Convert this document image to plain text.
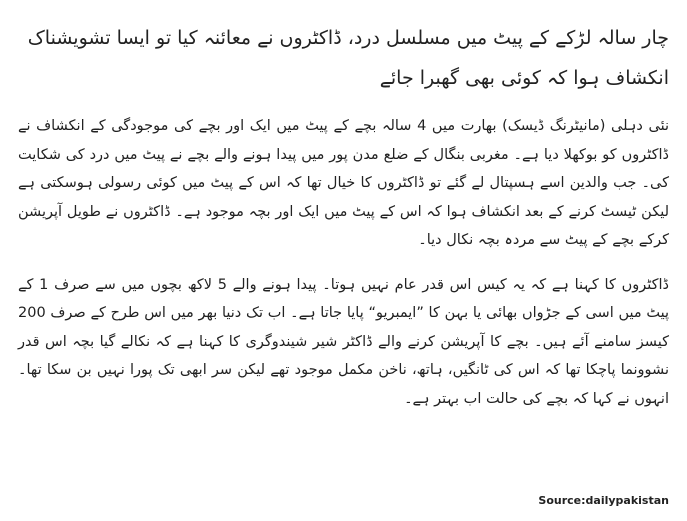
چار سالہ لڑکے کے پیٹ میں مسلسل درد، ڈاکٹروں نے معائنہ کیا تو ایسا تشویشناک انکشاف ہوا کہ کوئی بھی گھبرا جائے

نئی دہلی (مانیٹرنگ ڈیسک) بھارت میں 4 سالہ بچے کے پیٹ میں ایک اور بچے کی موجودگی کے انکشاف نے ڈاکٹروں کو بوکھلا دیا ہے۔ مغربی بنگال کے ضلع مدن پور میں پیدا ہونے والے بچے نے پیٹ میں درد کی شکایت کی۔ جب والدین اسے ہسپتال لے گئے تو ڈاکٹروں کا خیال تھا کہ اس کے پیٹ میں کوئی رسولی ہوسکتی ہے لیکن ٹیسٹ کرنے کے بعد انکشاف ہوا کہ اس کے پیٹ میں ایک اور بچہ موجود ہے۔ ڈاکٹروں نے طویل آپریشن کرکے بچے کے پیٹ سے مردہ بچہ نکال دیا۔

ڈاکٹروں کا کہنا ہے کہ یہ کیس اس قدر عام نہیں ہوتا۔ پیدا ہونے والے 5 لاکھ بچوں میں سے صرف 1 کے پیٹ میں اسی کے جڑواں بھائی یا بہن کا ”ایمبریو“ پایا جاتا ہے۔ اب تک دنیا بھر میں اس طرح کے صرف 200 کیسز سامنے آئے ہیں۔ بچے کا آپریشن کرنے والے ڈاکٹر شیر شیندوگری کا کہنا ہے کہ نکالے گیا بچہ اس قدر نشوونما پاچکا تھا کہ اس کی ٹانگیں، ہاتھ، ناخن مکمل موجود تھے لیکن سر ابھی تک پورا نہیں بن سکا تھا۔ انہوں نے کہا کہ بچے کی حالت اب بہتر ہے۔

Source:dailypakistan
